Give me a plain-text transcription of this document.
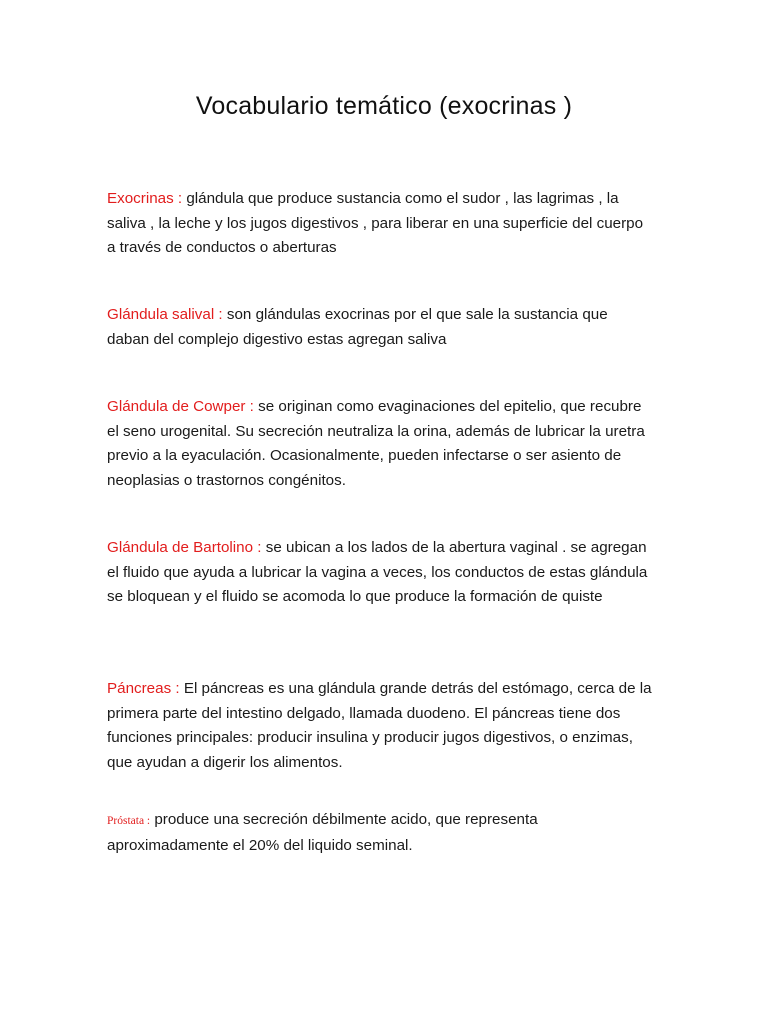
Vocabulario temático (exocrinas )

Exocrinas : glándula que produce sustancia como el sudor , las lagrimas , la saliva , la leche y los jugos digestivos , para liberar en una superficie del cuerpo a través de conductos o aberturas

Glándula salival : son glándulas exocrinas por el que sale la sustancia que daban del complejo digestivo estas agregan saliva

Glándula de Cowper : se originan como evaginaciones del epitelio, que recubre el seno urogenital. Su secreción neutraliza la orina, además de lubricar la uretra previo a la eyaculación. Ocasionalmente, pueden infectarse o ser asiento de neoplasias o trastornos congénitos.

Glándula de Bartolino : se ubican a los lados de la abertura vaginal . se agregan el fluido que ayuda a lubricar la vagina a veces, los conductos de estas glándula se bloquean y el fluido se acomoda lo que produce la formación de quiste

Páncreas : El páncreas es una glándula grande detrás del estómago, cerca de la primera parte del intestino delgado, llamada duodeno. El páncreas tiene dos funciones principales: producir insulina y producir jugos digestivos, o enzimas, que ayudan a digerir los alimentos.

Próstata : produce una secreción débilmente acido, que representa aproximadamente el 20% del liquido seminal.
